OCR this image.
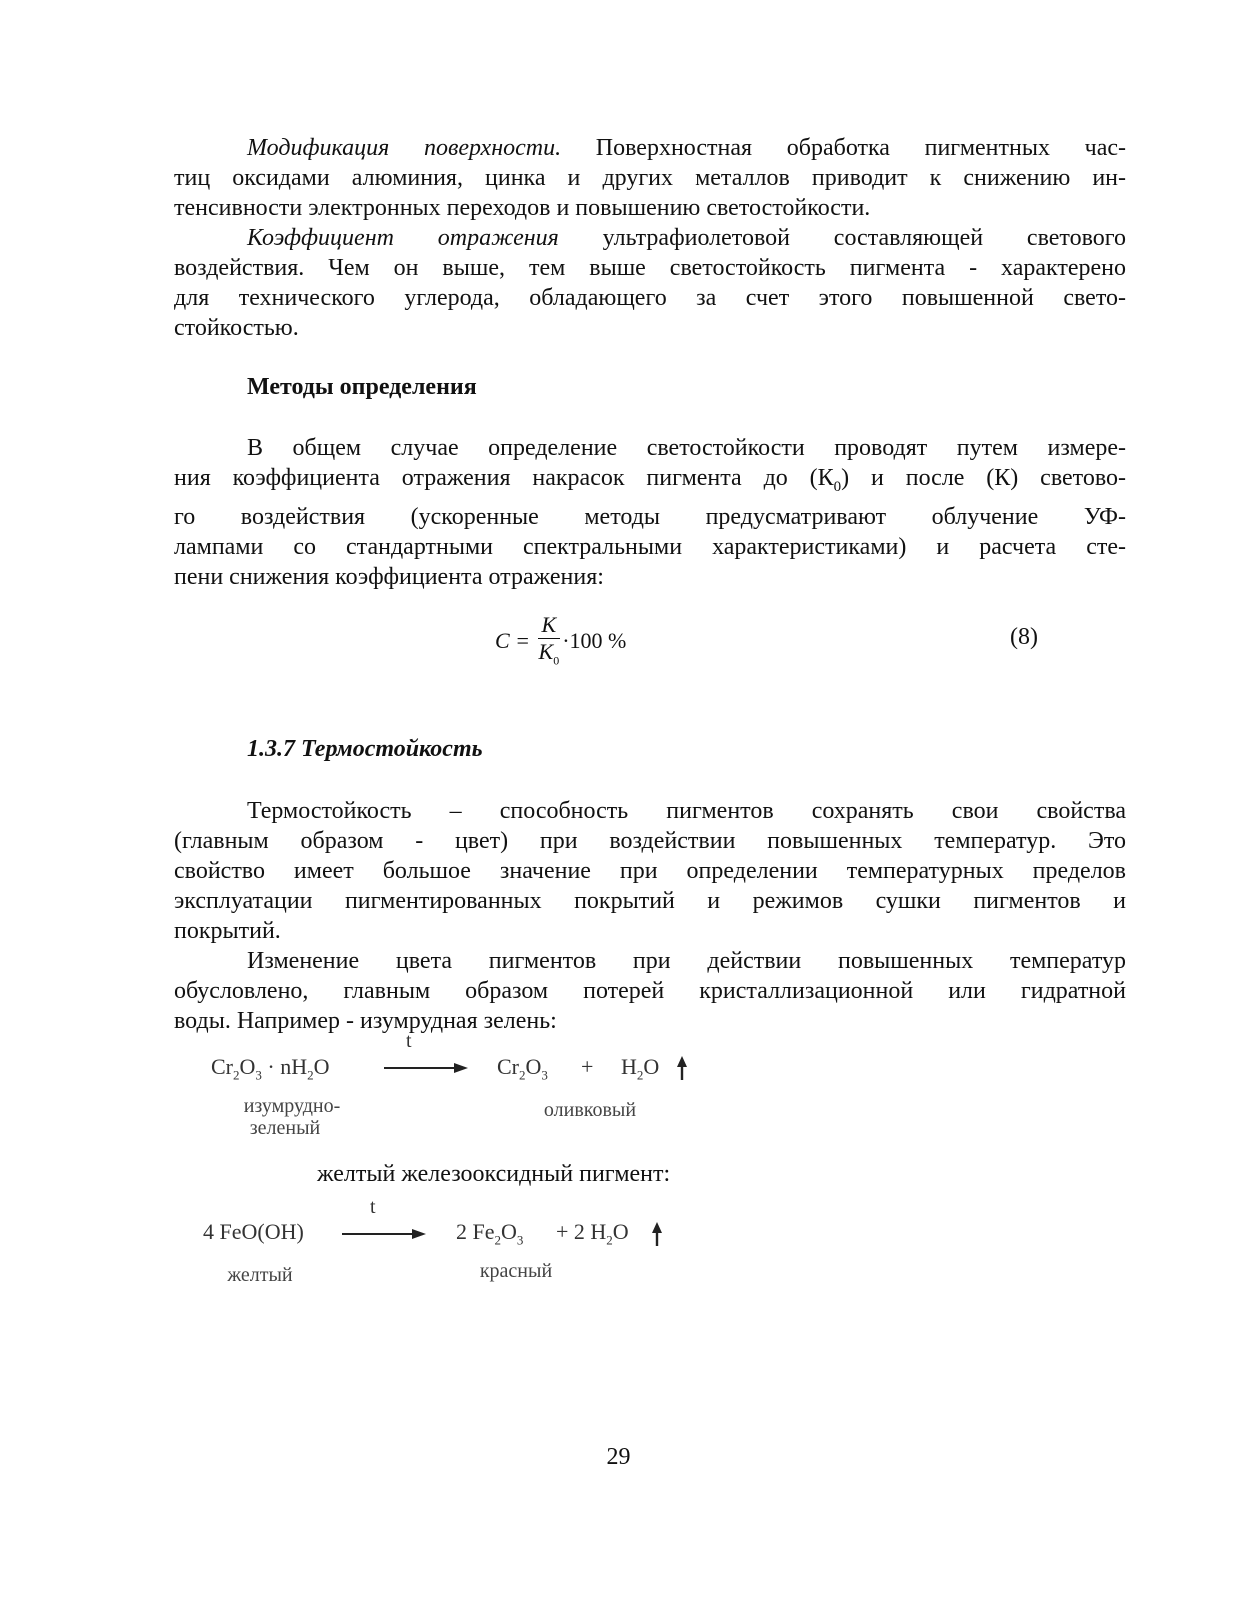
Модификация поверхности. Поверхностная обработка пигментных час-
тиц оксидами алюминия, цинка и других металлов приводит к снижению ин-
тенсивности электронных переходов и повышению светостойкости.
Коэффициент отражения ультрафиолетовой составляющей светового
воздействия. Чем он выше, тем выше светостойкость пигмента - характерено
для технического углерода, обладающего за счет этого повышенной свето-
стойкостью.
Методы определения
В общем случае определение светостойкости проводят путем измере-
ния коэффициента отражения накрасок пигмента до $(К_0)$ и после (К) светово-
го воздействия (ускоренные методы предусматривают облучение УФ-
лампами со стандартными спектральными характеристиками) и расчета сте-
пени снижения коэффициента отражения:
$C = \frac{K}{K_0} \cdot 100$ %	(8)
1.3.7 Термостойкость
Термостойкость – способность пигментов сохранять свои свойства
(главным образом - цвет) при воздействии повышенных температур. Это
свойство имеет большое значение при определении температурных пределов
эксплуатации пигментированных покрытий и режимов сушки пигментов и
покрытий.
Изменение цвета пигментов при действии повышенных температур
обусловлено, главным образом потерей кристаллизационной или гидратной
воды. Например - изумрудная зелень:
$Cr_2O_3 \cdot nH_2O$
t
$Cr_2O_3 + H_2O$
изумрудно-
зеленый
оливковый
желтый железооксидный пигмент:
4 FeO(OH)
t
2 $Fe_2O_3 + 2$ $H_2O$
желтый	красный
29
